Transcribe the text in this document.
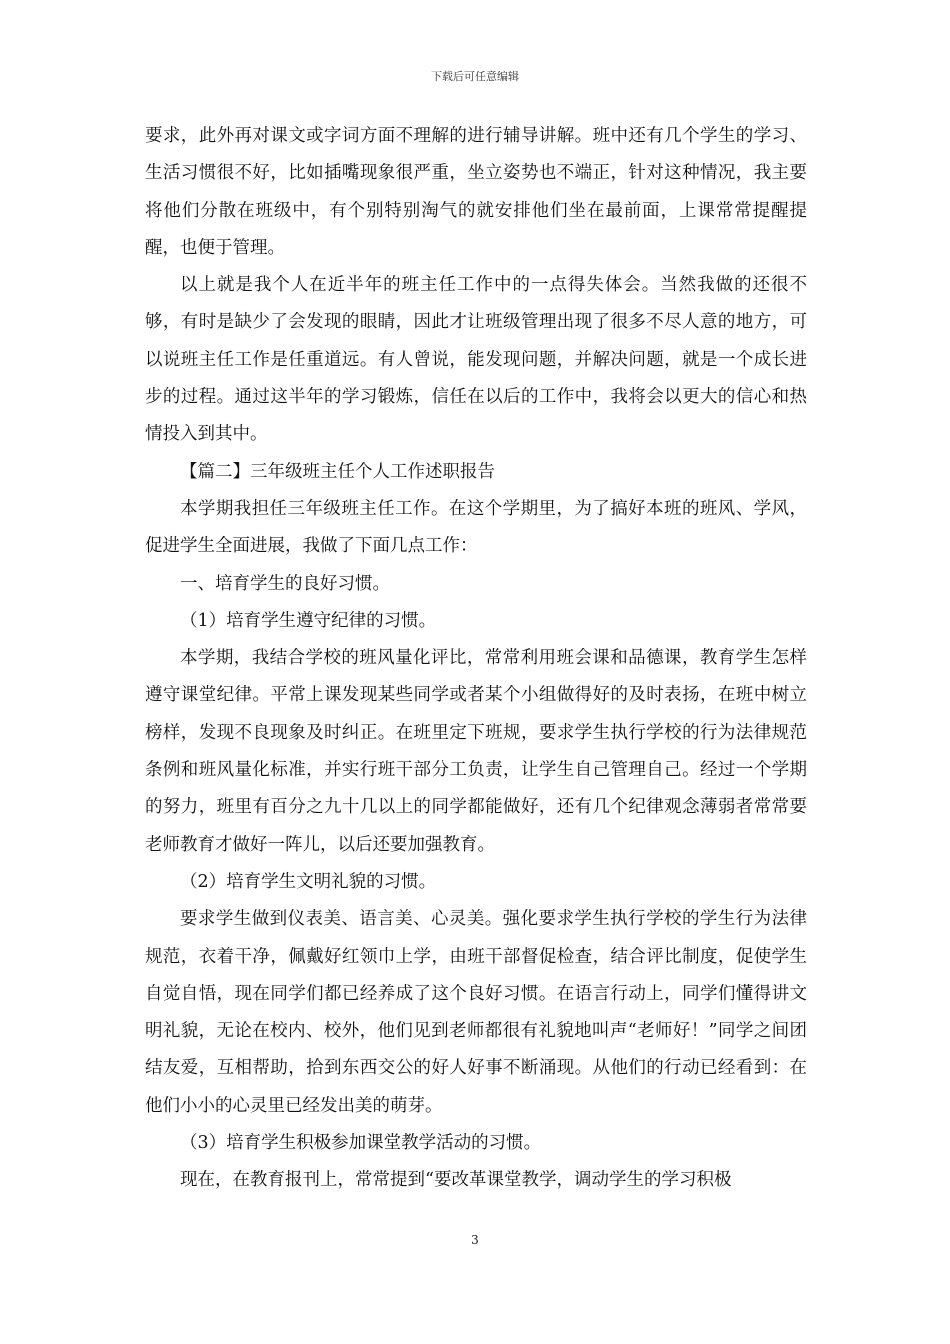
下载后可任意编辑

要求，此外再对课文或字词方面不理解的进行辅导讲解。班中还有几个学生的学习、生活习惯很不好，比如插嘴现象很严重，坐立姿势也不端正，针对这种情况，我主要将他们分散在班级中，有个别特别淘气的就安排他们坐在最前面，上课常常提醒提醒，也便于管理。

以上就是我个人在近半年的班主任工作中的一点得失体会。当然我做的还很不够，有时是缺少了会发现的眼睛，因此才让班级管理出现了很多不尽人意的地方，可以说班主任工作是任重道远。有人曾说，能发现问题，并解决问题，就是一个成长进步的过程。通过这半年的学习锻炼，信任在以后的工作中，我将会以更大的信心和热情投入到其中。

【篇二】三年级班主任个人工作述职报告

本学期我担任三年级班主任工作。在这个学期里，为了搞好本班的班风、学风，促进学生全面进展，我做了下面几点工作：

一、培育学生的良好习惯。

（1）培育学生遵守纪律的习惯。

本学期，我结合学校的班风量化评比，常常利用班会课和品德课，教育学生怎样遵守课堂纪律。平常上课发现某些同学或者某个小组做得好的及时表扬，在班中树立榜样，发现不良现象及时纠正。在班里定下班规，要求学生执行学校的行为法律规范条例和班风量化标准，并实行班干部分工负责，让学生自己管理自己。经过一个学期的努力，班里有百分之九十几以上的同学都能做好，还有几个纪律观念薄弱者常常要老师教育才做好一阵儿，以后还要加强教育。

（2）培育学生文明礼貌的习惯。

要求学生做到仪表美、语言美、心灵美。强化要求学生执行学校的学生行为法律规范，衣着干净，佩戴好红领巾上学，由班干部督促检查，结合评比制度，促使学生自觉自悟，现在同学们都已经养成了这个良好习惯。在语言行动上，同学们懂得讲文明礼貌，无论在校内、校外，他们见到老师都很有礼貌地叫声“老师好！”同学之间团结友爱，互相帮助，拾到东西交公的好人好事不断涌现。从他们的行动已经看到：在他们小小的心灵里已经发出美的萌芽。

（3）培育学生积极参加课堂教学活动的习惯。

现在，在教育报刊上，常常提到“要改革课堂教学，调动学生的学习积极

3
